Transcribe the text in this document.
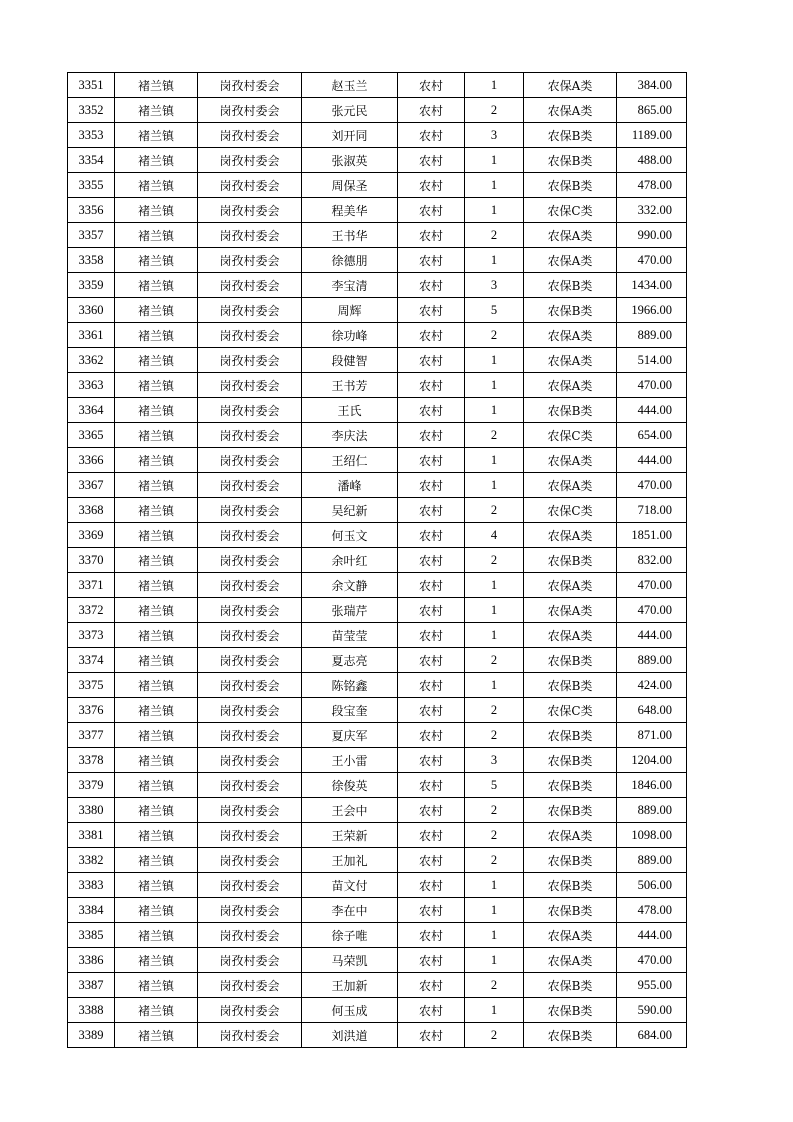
3351	褚兰镇	岗孜村委会	赵玉兰	农村	1	农保A类	384.00
3352	褚兰镇	岗孜村委会	张元民	农村	2	农保A类	865.00
3353	褚兰镇	岗孜村委会	刘开同	农村	3	农保B类	1189.00
3354	褚兰镇	岗孜村委会	张淑英	农村	1	农保B类	488.00
3355	褚兰镇	岗孜村委会	周保圣	农村	1	农保B类	478.00
3356	褚兰镇	岗孜村委会	程美华	农村	1	农保C类	332.00
3357	褚兰镇	岗孜村委会	王书华	农村	2	农保A类	990.00
3358	褚兰镇	岗孜村委会	徐德朋	农村	1	农保A类	470.00
3359	褚兰镇	岗孜村委会	李宝清	农村	3	农保B类	1434.00
3360	褚兰镇	岗孜村委会	周辉	农村	5	农保B类	1966.00
3361	褚兰镇	岗孜村委会	徐功峰	农村	2	农保A类	889.00
3362	褚兰镇	岗孜村委会	段健智	农村	1	农保A类	514.00
3363	褚兰镇	岗孜村委会	王书芳	农村	1	农保A类	470.00
3364	褚兰镇	岗孜村委会	王氏	农村	1	农保B类	444.00
3365	褚兰镇	岗孜村委会	李庆法	农村	2	农保C类	654.00
3366	褚兰镇	岗孜村委会	王绍仁	农村	1	农保A类	444.00
3367	褚兰镇	岗孜村委会	潘峰	农村	1	农保A类	470.00
3368	褚兰镇	岗孜村委会	吴纪新	农村	2	农保C类	718.00
3369	褚兰镇	岗孜村委会	何玉文	农村	4	农保A类	1851.00
3370	褚兰镇	岗孜村委会	余叶红	农村	2	农保B类	832.00
3371	褚兰镇	岗孜村委会	余文静	农村	1	农保A类	470.00
3372	褚兰镇	岗孜村委会	张瑞芹	农村	1	农保A类	470.00
3373	褚兰镇	岗孜村委会	苗莹莹	农村	1	农保A类	444.00
3374	褚兰镇	岗孜村委会	夏志亮	农村	2	农保B类	889.00
3375	褚兰镇	岗孜村委会	陈铭鑫	农村	1	农保B类	424.00
3376	褚兰镇	岗孜村委会	段宝奎	农村	2	农保C类	648.00
3377	褚兰镇	岗孜村委会	夏庆军	农村	2	农保B类	871.00
3378	褚兰镇	岗孜村委会	王小雷	农村	3	农保B类	1204.00
3379	褚兰镇	岗孜村委会	徐俊英	农村	5	农保B类	1846.00
3380	褚兰镇	岗孜村委会	王会中	农村	2	农保B类	889.00
3381	褚兰镇	岗孜村委会	王荣新	农村	2	农保A类	1098.00
3382	褚兰镇	岗孜村委会	王加礼	农村	2	农保B类	889.00
3383	褚兰镇	岗孜村委会	苗文付	农村	1	农保B类	506.00
3384	褚兰镇	岗孜村委会	李在中	农村	1	农保B类	478.00
3385	褚兰镇	岗孜村委会	徐子唯	农村	1	农保A类	444.00
3386	褚兰镇	岗孜村委会	马荣凯	农村	1	农保A类	470.00
3387	褚兰镇	岗孜村委会	王加新	农村	2	农保B类	955.00
3388	褚兰镇	岗孜村委会	何玉成	农村	1	农保B类	590.00
3389	褚兰镇	岗孜村委会	刘洪道	农村	2	农保B类	684.00
